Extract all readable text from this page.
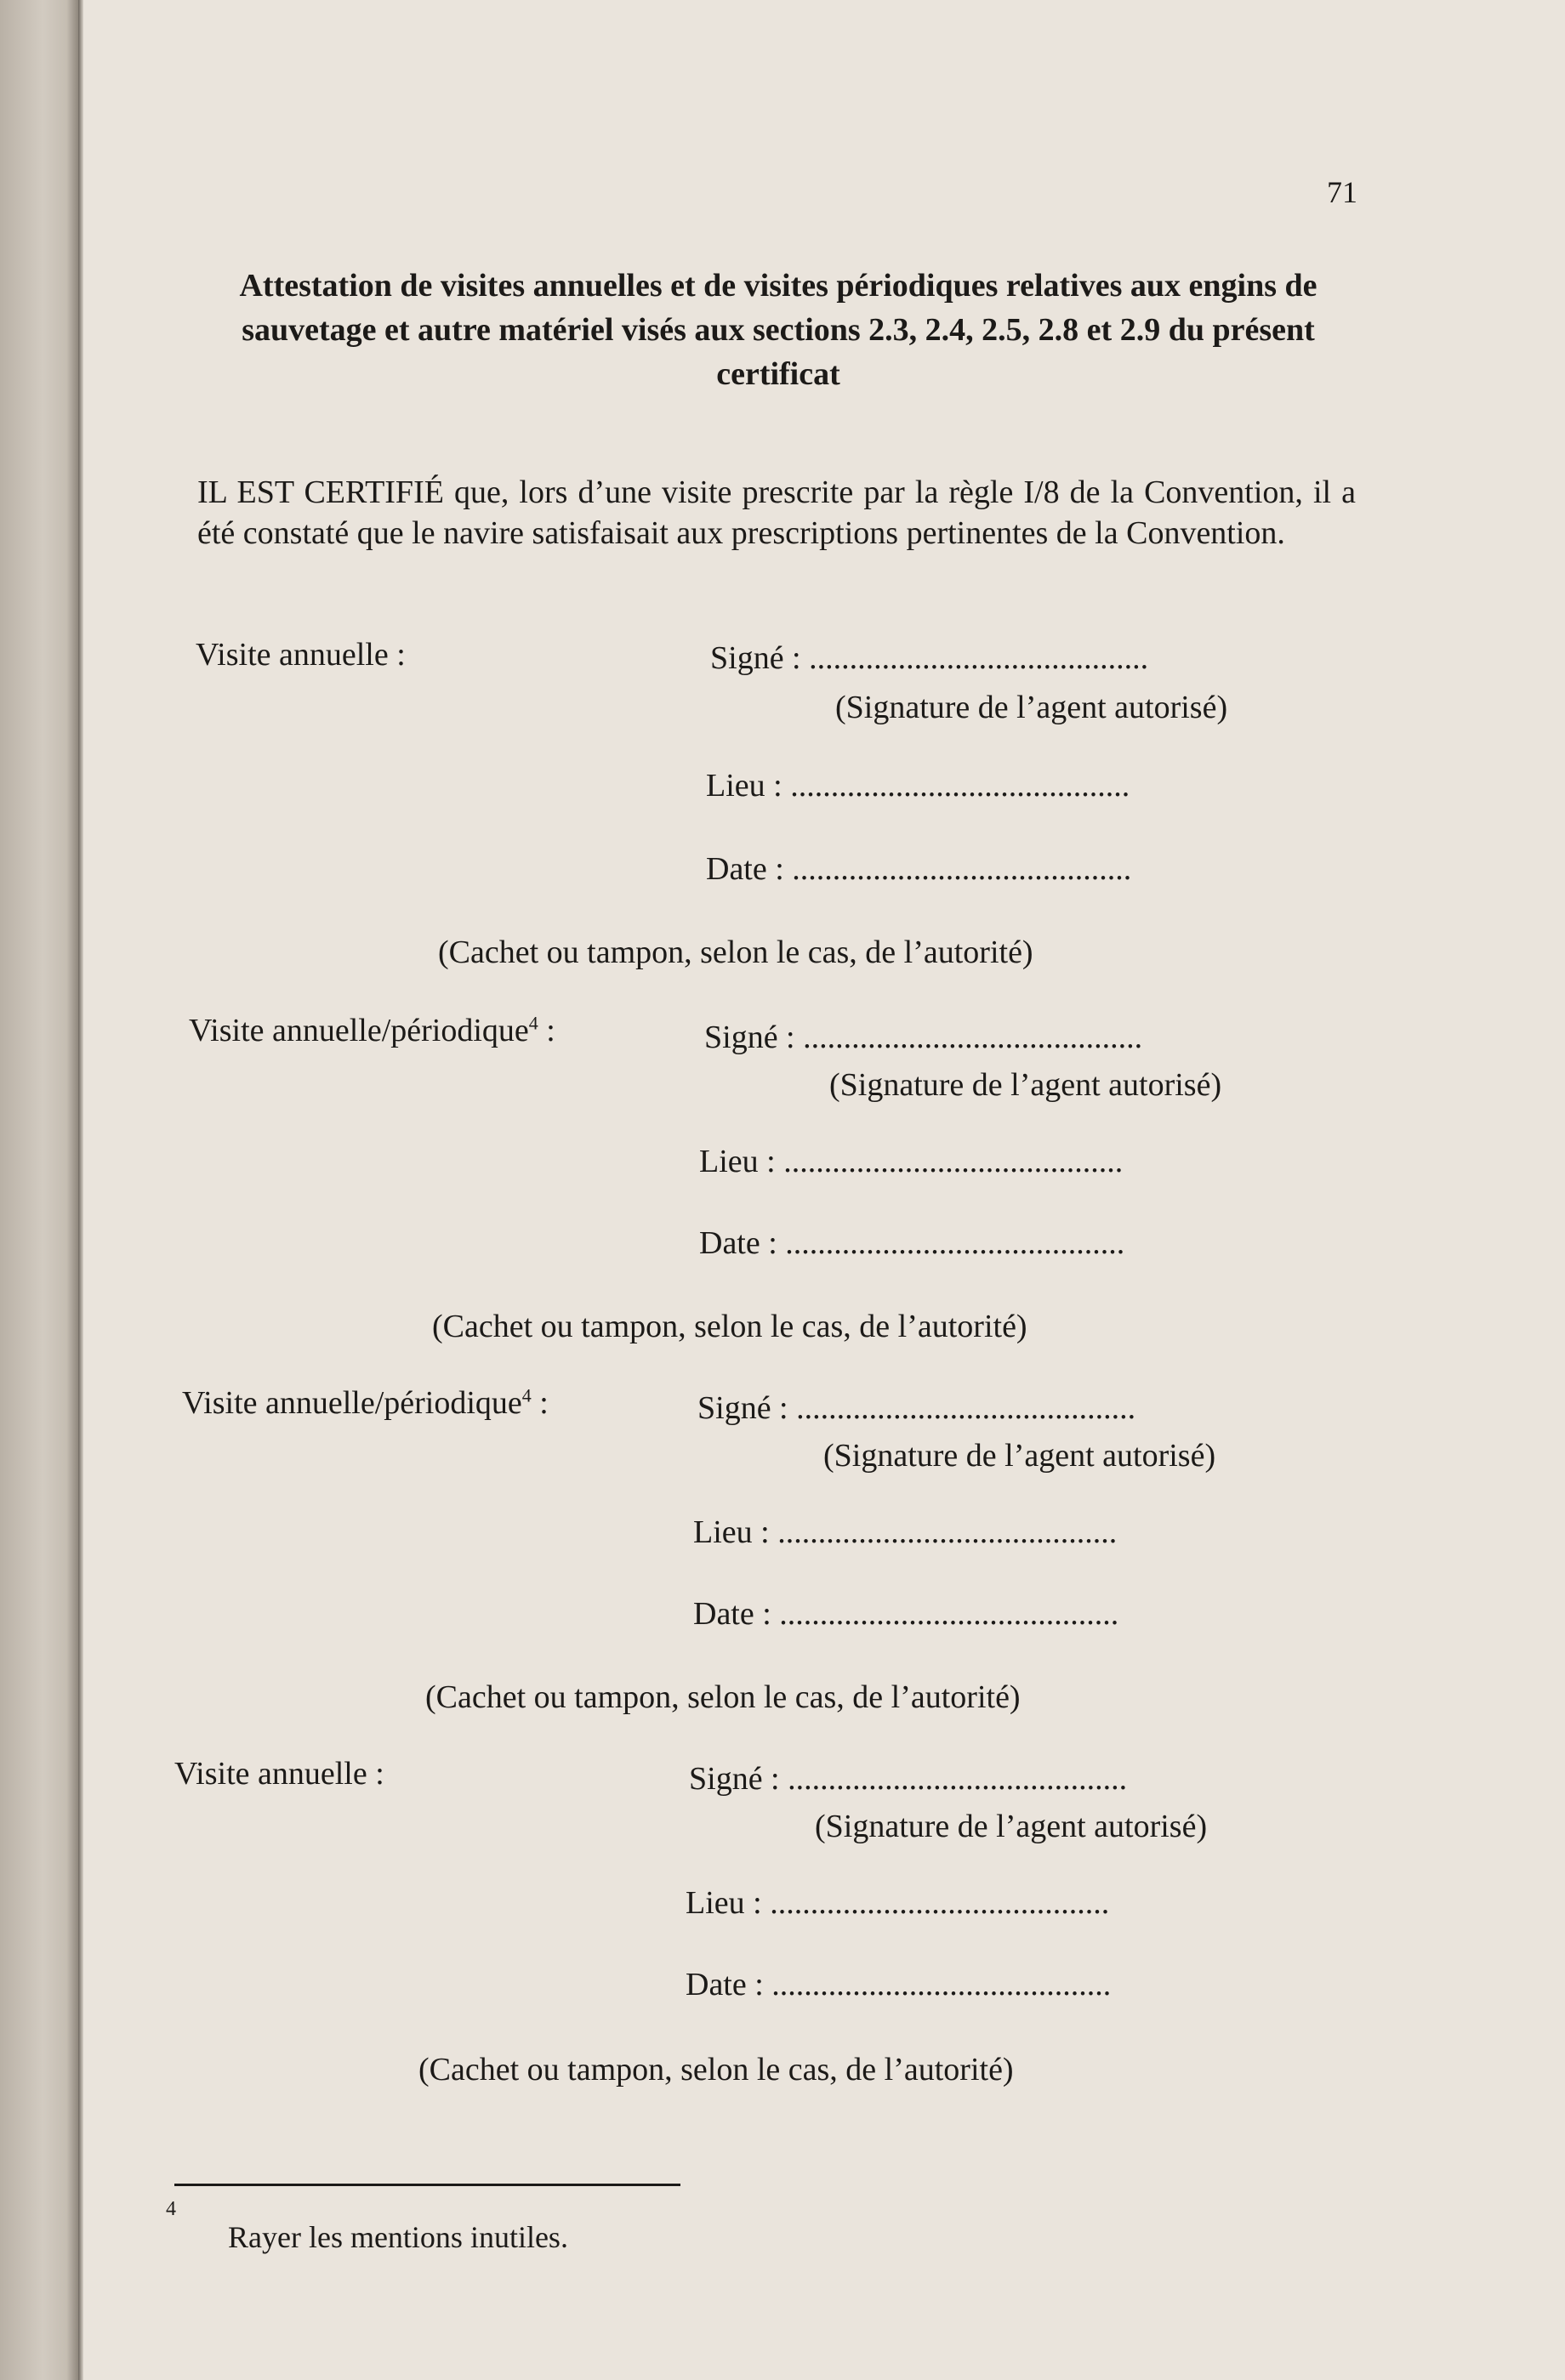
71
Attestation de visites annuelles et de visites périodiques relatives aux engins de sauvetage et autre matériel visés aux sections 2.3, 2.4, 2.5, 2.8 et 2.9 du présent certificat
IL EST CERTIFIÉ que, lors d’une visite prescrite par la règle I/8 de la Convention, il a été constaté que le navire satisfaisait aux prescriptions pertinentes de la Convention.
Visite annuelle :	Signé : ..........................................
(Signature de l’agent autorisé)
Lieu : ..........................................
Date : ..........................................
(Cachet ou tampon, selon le cas, de l’autorité)
Visite annuelle/périodique$^4$ :	Signé : ..........................................
(Signature de l’agent autorisé)
Lieu : ..........................................
Date : ..........................................
(Cachet ou tampon, selon le cas, de l’autorité)
Visite annuelle/périodique$^4$ :	Signé : ..........................................
(Signature de l’agent autorisé)
Lieu : ..........................................
Date : ..........................................
(Cachet ou tampon, selon le cas, de l’autorité)
Visite annuelle :	Signé : ..........................................
(Signature de l’agent autorisé)
Lieu : ..........................................
Date : ..........................................
(Cachet ou tampon, selon le cas, de l’autorité)
4
Rayer les mentions inutiles.
